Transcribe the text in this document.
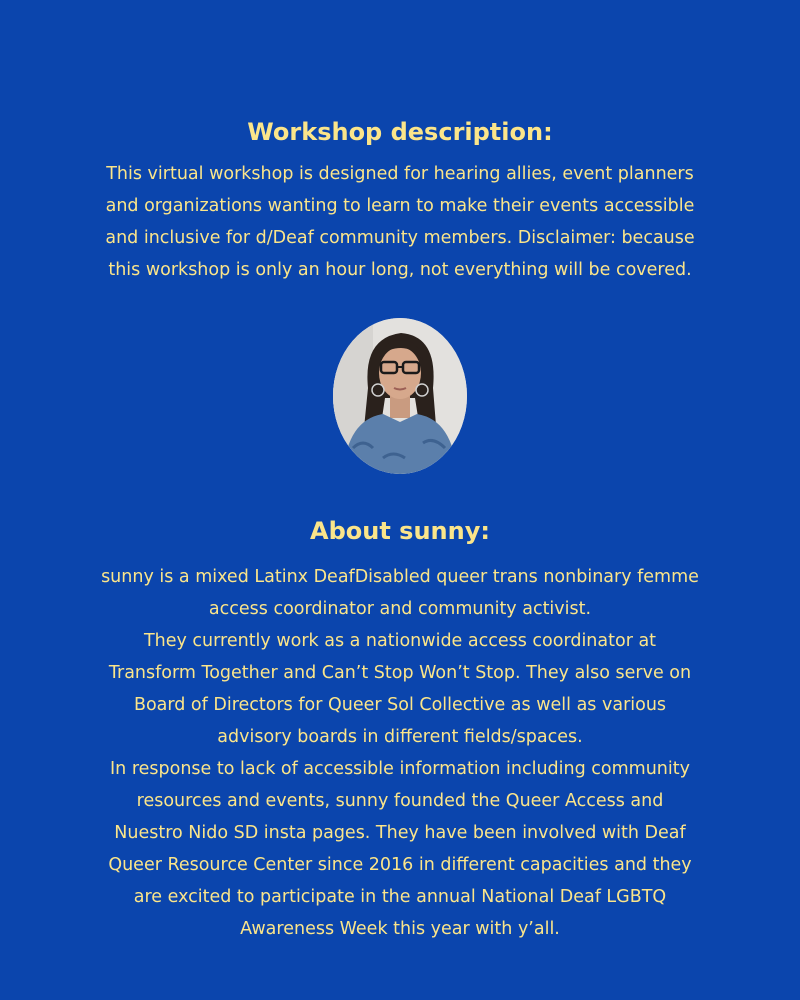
Workshop description:

This virtual workshop is designed for hearing allies, event planners
and organizations wanting to learn to make their events accessible
and inclusive for d/Deaf community members. Disclaimer: because
this workshop is only an hour long, not everything will be covered.

About sunny:

sunny is a mixed Latinx DeafDisabled queer trans nonbinary femme
access coordinator and community activist.
They currently work as a nationwide access coordinator at
Transform Together and Can’t Stop Won’t Stop. They also serve on
Board of Directors for Queer Sol Collective as well as various
advisory boards in different fields/spaces.
In response to lack of accessible information including community
resources and events, sunny founded the Queer Access and
Nuestro Nido SD insta pages. They have been involved with Deaf
Queer Resource Center since 2016 in different capacities and they
are excited to participate in the annual National Deaf LGBTQ
Awareness Week this year with y’all.
